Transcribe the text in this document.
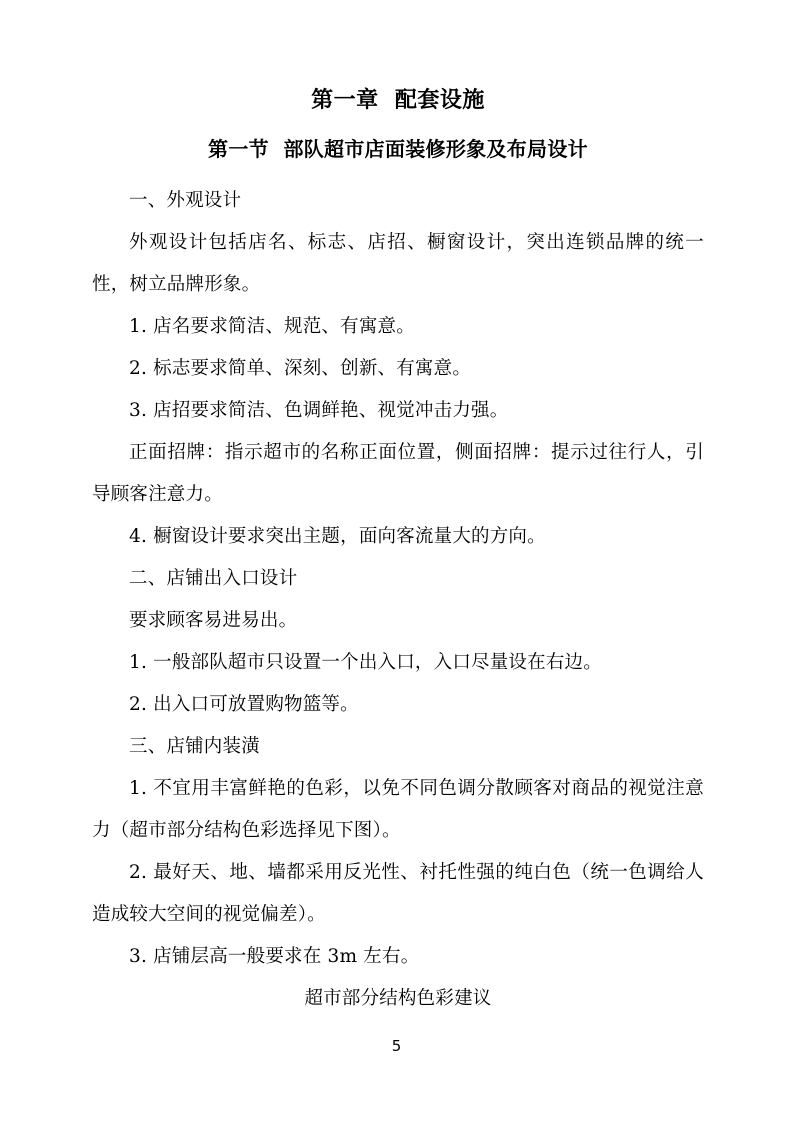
第一章  配套设施
第一节  部队超市店面装修形象及布局设计

一、外观设计

外观设计包括店名、标志、店招、橱窗设计，突出连锁品牌的统一性，树立品牌形象。

1. 店名要求简洁、规范、有寓意。

2. 标志要求简单、深刻、创新、有寓意。

3. 店招要求简洁、色调鲜艳、视觉冲击力强。

正面招牌：指示超市的名称正面位置，侧面招牌：提示过往行人，引导顾客注意力。

4. 橱窗设计要求突出主题，面向客流量大的方向。

二、店铺出入口设计

要求顾客易进易出。

1. 一般部队超市只设置一个出入口，入口尽量设在右边。

2. 出入口可放置购物篮等。

三、店铺内装潢

1. 不宜用丰富鲜艳的色彩，以免不同色调分散顾客对商品的视觉注意力（超市部分结构色彩选择见下图）。

2. 最好天、地、墙都采用反光性、衬托性强的纯白色（统一色调给人造成较大空间的视觉偏差）。

3. 店铺层高一般要求在 3m 左右。

超市部分结构色彩建议

5
